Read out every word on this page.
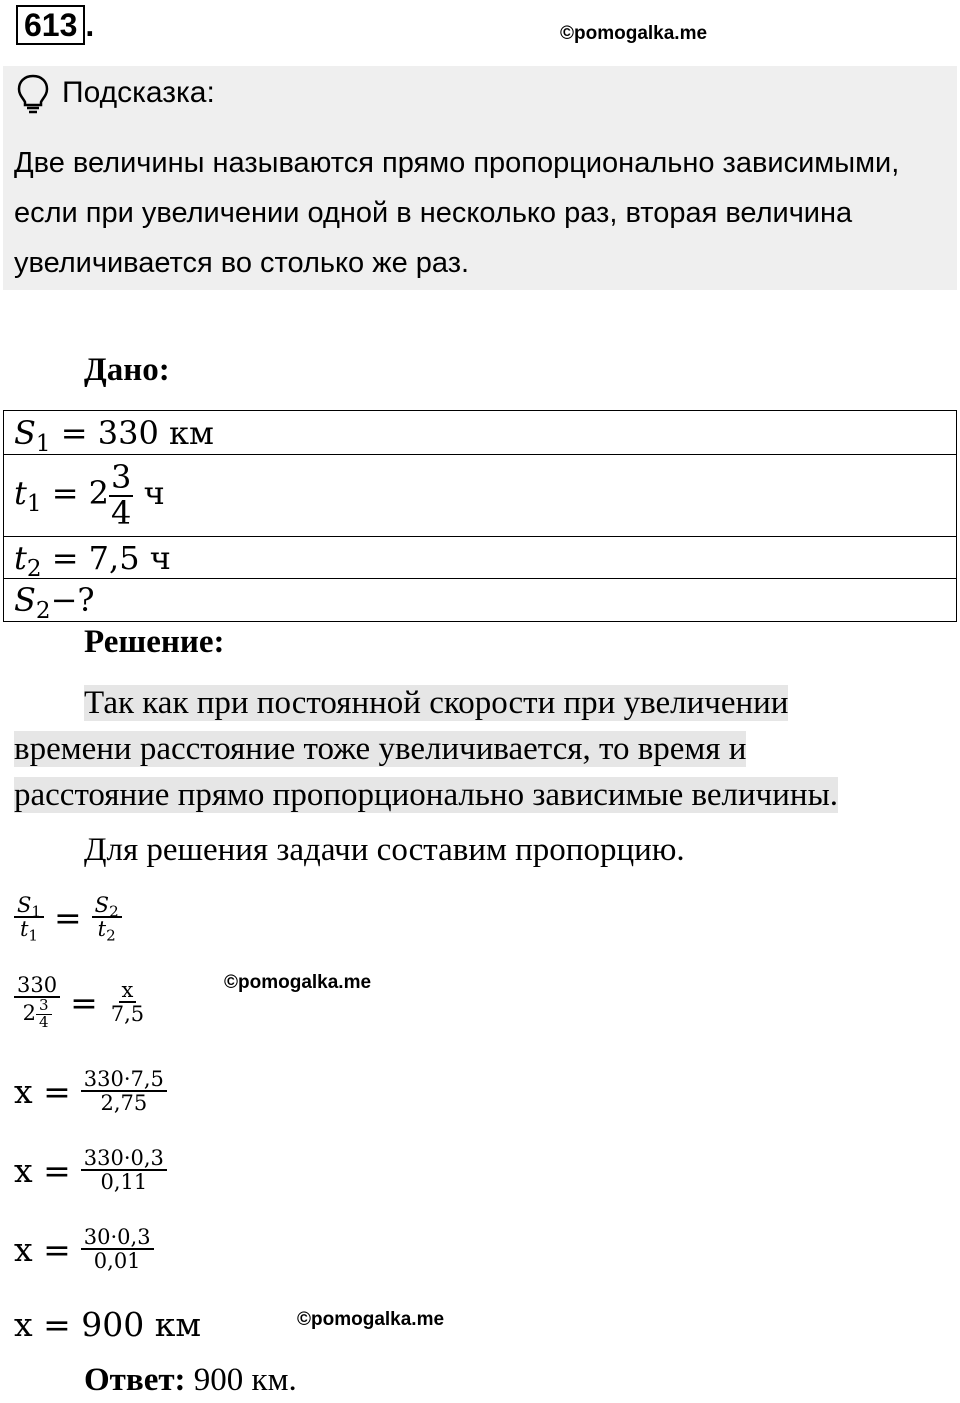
613 .	©pomogalka.me
Подсказка:
Две величины называются прямо пропорционально зависимыми, если при увеличении одной в несколько раз, вторая величина увеличивается во столько же раз.
Дано:
$S_1 = 330$ км
$t_1 = 2 \frac{3}{4}$ ч
$t_2 = 7,5$ ч
$S_2-$?
Решение:
Так как при постоянной скорости при увеличении
времени расстояние тоже увеличивается, то время и
расстояние прямо пропорционально зависимые величины.
Для решения задачи составим пропорцию.
$\frac{S_1}{t_1} = \frac{S_2}{t_2}$
$\frac{330}{2 \frac{3}{4}} = \frac{x}{7,5}$	©pomogalka.me
$x = \frac{330\cdot 7,5}{2,75}$
$x = \frac{330\cdot 0,3}{0,11}$
$x = \frac{30\cdot 0,3}{0,01}$
x = 900 км	©pomogalka.me
Ответ: 900 км.
